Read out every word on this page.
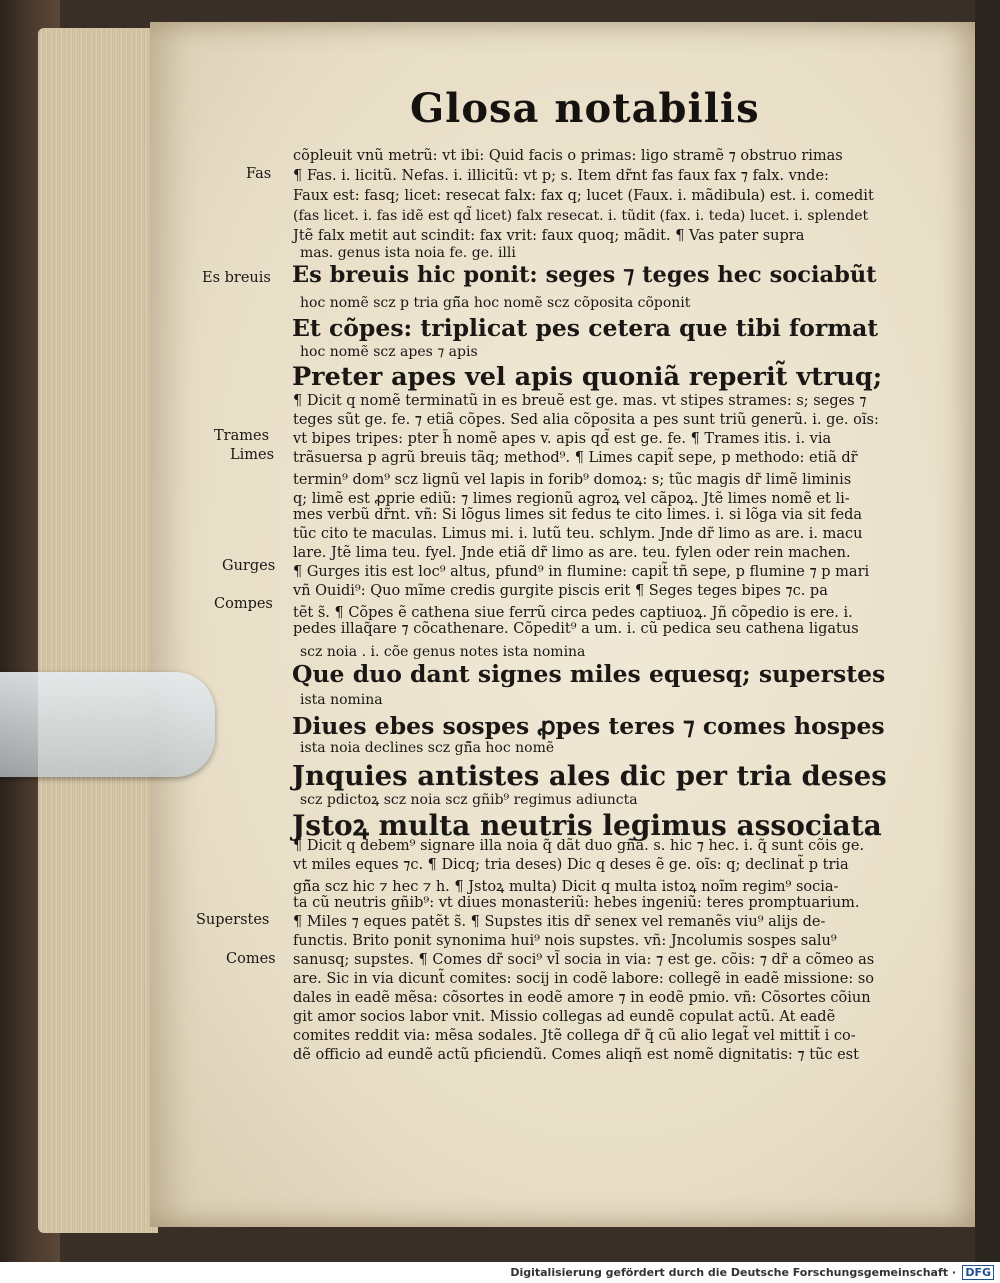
Glosa notabilis
cõpleuit vnũ metrũ: vt ibi: Quid facis o primas: ligo stramẽ ⁊ obstruo rimas
¶ Fas. i. licitũ. Nefas. i. illicitũ: vt p; s. Item dr̃nt fas faux fax ⁊ falx. vnde:
Faux est: fasq; licet: resecat falx: fax q; lucet (Faux. i. mãdibula) est. i. comedit
(fas licet. i. fas idẽ est qd̃ licet) falx resecat. i. tũdit (fax. i. teda) lucet. i. splendet
Jtẽ falx metit aut scindit: fax vrit: faux quoq; mãdit. ¶ Vas pater supra
mas. genus ista noia fe. ge. illi
Es breuis hic ponit: seges ⁊ teges hec sociabũt
hoc nomẽ scz p tria gñ̃a hoc nomẽ scz cõposita cõponit
Et cõpes: triplicat pes cetera que tibi format
hoc nomẽ scz apes ⁊ apis
Preter apes vel apis quoniã reperit̃ vtruq;
¶ Dicit q nomẽ terminatũ in es breuẽ est ge. mas. vt stipes strames: s; seges ⁊
teges sũt ge. fe. ⁊ etiã cõpes. Sed alia cõposita a pes sunt triũ generũ. i. ge. oĩs:
vt bipes tripes: pter h̃ nomẽ apes v. apis qd̃ est ge. fe. ¶ Trames itis. i. via
trãsuersa p agrũ breuis tãq; method⁹. ¶ Limes capit̃ sepe, p methodo: etiã dr̃
termin⁹ dom⁹ scz lignũ vel lapis in forib⁹ domoꝝ: s; tũc magis dr̃ limẽ liminis
q; limẽ est ꝓprie ediũ: ⁊ limes regionũ agroꝝ vel cãpoꝝ. Jtẽ limes nomẽ et li-
mes verbũ dr̃nt. vñ: Si lõgus limes sit fedus te cito limes. i. si lõga via sit feda
tũc cito te maculas. Limus mi. i. lutũ teu. schlym. Jnde dr̃ limo as are. i. macu
lare. Jtẽ lima teu. fyel. Jnde etiã dr̃ limo as are. teu. fylen oder rein machen.
¶ Gurges itis est loc⁹ altus, pfund⁹ in flumine: capit̃ tñ sepe, p flumine ⁊ p mari
vñ Ouidi⁹: Quo mĩme credis gurgite piscis erit ¶ Seges teges bipes ⁊c. pa
tẽt s̃. ¶ Cõpes ẽ cathena siue ferrũ circa pedes captiuoꝝ. Jñ cõpedio is ere. i.
pedes illaq̃are ⁊ cõcathenare. Cõpedit⁹ a um. i. cũ pedica seu cathena ligatus
scz noia . i. cõe genus notes ista nomina
Que duo dant signes miles equesq; superstes
ista nomina
Diues ebes sospes ꝓpes teres ⁊ comes hospes
ista noia declines scz gñ̃a hoc nomẽ
Jnquies antistes ales dic per tria deses
scz pdictoꝝ scz noia scz gñib⁹ regimus adiuncta
Jstoꝝ multa neutris legimus associata
¶ Dicit q debem⁹ signare illa noia q̃ dãt duo gñ̃a. s. hic ⁊ hec. i. q̃ sunt cõis ge.
vt miles eques ⁊c. ¶ Dicq; tria deses) Dic q deses ẽ ge. oĩs: q; declinat̃ p tria
gñ̃a scz hic ⁊ hec ⁊ h. ¶ Jstoꝝ multa) Dicit q multa istoꝝ noĩm regim⁹ socia-
ta cũ neutris gñib⁹: vt diues monasteriũ: hebes ingeniũ: teres promptuarium.
¶ Miles ⁊ eques patẽt s̃. ¶ Supstes itis dr̃ senex vel remanẽs viu⁹ alijs de-
functis. Brito ponit synonima hui⁹ nois supstes. vñ: Jncolumis sospes salu⁹
sanusq; supstes. ¶ Comes dr̃ soci⁹ vl̃ socia in via: ⁊ est ge. cõis: ⁊ dr̃ a cõmeo as
are. Sic in via dicunt̃ comites: socij in codẽ labore: collegẽ in eadẽ missione: so
dales in eadẽ mẽsa: cõsortes in eodẽ amore ⁊ in eodẽ pmio. vñ: Cõsortes cõiun
git amor socios labor vnit. Missio collegas ad eundẽ copulat actũ. At eadẽ
comites reddit via: mẽsa sodales. Jtẽ collega dr̃ q̃ cũ alio legat̃ vel mittit̃ i co-
dẽ officio ad eundẽ actũ pficiendũ. Comes aliqñ est nomẽ dignitatis: ⁊ tũc est
Fas
Es breuis
Trames
Limes
Gurges
Compes
Superstes
Comes
Digitalisierung gefördert durch die Deutsche Forschungsgemeinschaft · DFG
